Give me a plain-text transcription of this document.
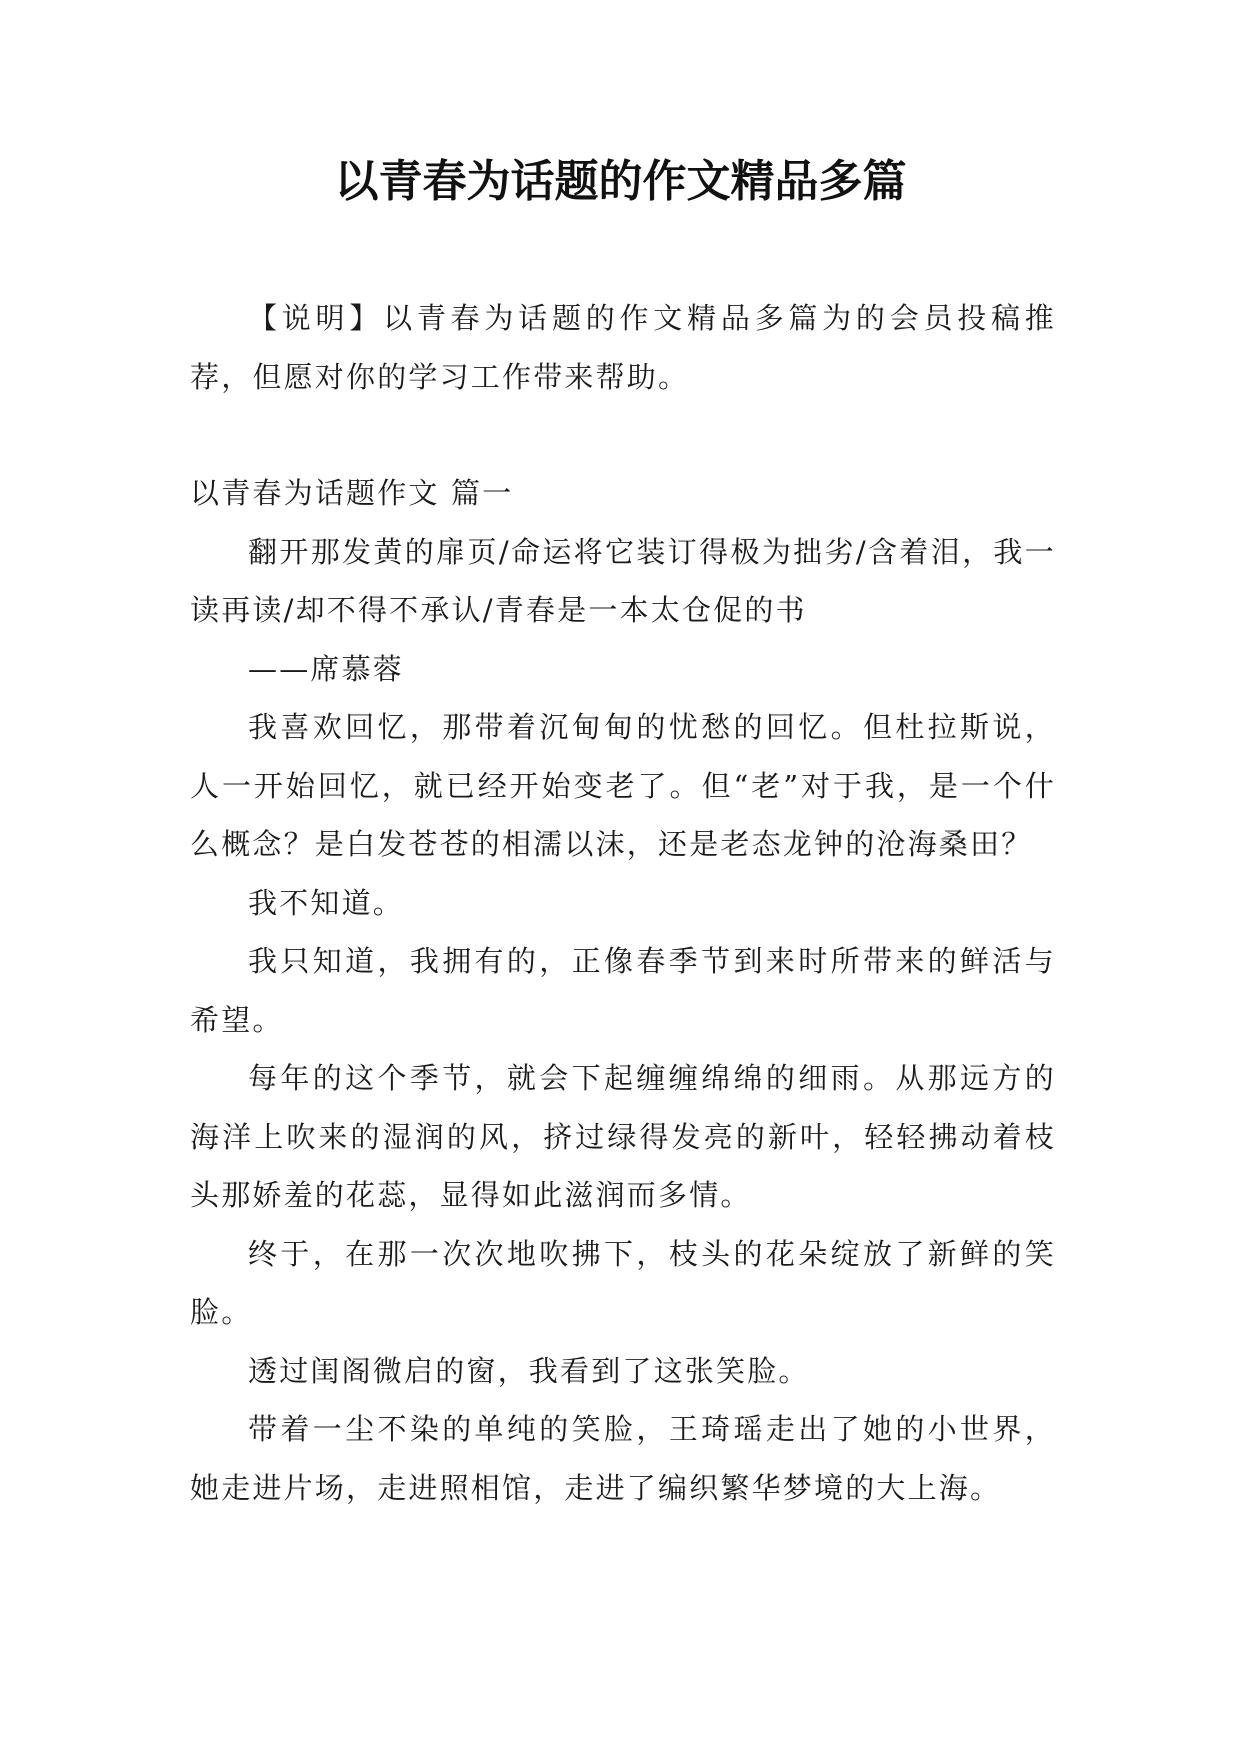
以青春为话题的作文精品多篇

【说明】以青春为话题的作文精品多篇为的会员投稿推荐，但愿对你的学习工作带来帮助。

以青春为话题作文 篇一

翻开那发黄的扉页/命运将它装订得极为拙劣/含着泪，我一读再读/却不得不承认/青春是一本太仓促的书

——席慕蓉

我喜欢回忆，那带着沉甸甸的忧愁的回忆。但杜拉斯说，人一开始回忆，就已经开始变老了。但“老”对于我，是一个什么概念？是白发苍苍的相濡以沫，还是老态龙钟的沧海桑田？

我不知道。

我只知道，我拥有的，正像春季节到来时所带来的鲜活与希望。

每年的这个季节，就会下起缠缠绵绵的细雨。从那远方的海洋上吹来的湿润的风，挤过绿得发亮的新叶，轻轻拂动着枝头那娇羞的花蕊，显得如此滋润而多情。

终于，在那一次次地吹拂下，枝头的花朵绽放了新鲜的笑脸。

透过闺阁微启的窗，我看到了这张笑脸。

带着一尘不染的单纯的笑脸，王琦瑶走出了她的小世界，她走进片场，走进照相馆，走进了编织繁华梦境的大上海。
